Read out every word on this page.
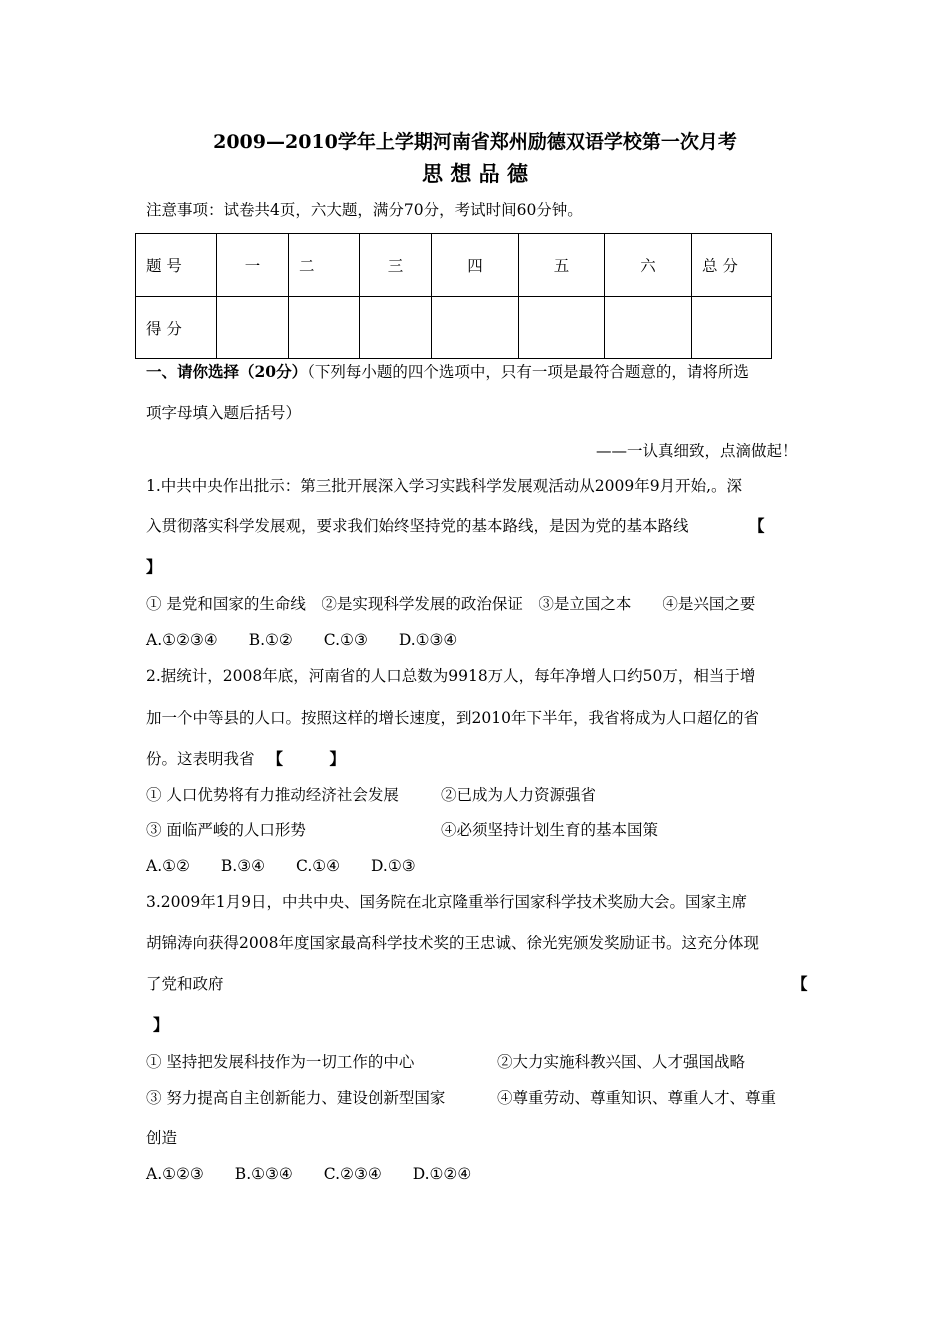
2009—2010学年上学期河南省郑州励德双语学校第一次月考
思 想 品 德
注意事项：试卷共4页，六大题，满分70分，考试时间60分钟。
题 号	一	二	三	四	五	六	总 分
得 分							
一、请你选择（20分）（下列每小题的四个选项中，只有一项是最符合题意的，请将所选
项字母填入题后括号）
——一认真细致，点滴做起！
1.中共中央作出批示：第三批开展深入学习实践科学发展观活动从2009年9月开始,。深
入贯彻落实科学发展观，要求我们始终坚持党的基本路线，是因为党的基本路线	【
】
① 是党和国家的生命线　②是实现科学发展的政治保证　③是立国之本　　④是兴国之要
A.①②③④　　B.①②　　C.①③　　D.①③④
2.据统计，2008年底，河南省的人口总数为9918万人，每年净增人口约50万，相当于增
加一个中等县的人口。按照这样的增长速度，到2010年下半年，我省将成为人口超亿的省
份。这表明我省 【　　　】
① 人口优势将有力推动经济社会发展	②已成为人力资源强省
③ 面临严峻的人口形势	④必须坚持计划生育的基本国策
A.①②　　B.③④　　C.①④　　D.①③
3.2009年1月9日，中共中央、国务院在北京隆重举行国家科学技术奖励大会。国家主席
胡锦涛向获得2008年度国家最高科学技术奖的王忠诚、徐光宪颁发奖励证书。这充分体现
了党和政府	【
】
① 坚持把发展科技作为一切工作的中心	②大力实施科教兴国、人才强国战略
③ 努力提高自主创新能力、建设创新型国家	④尊重劳动、尊重知识、尊重人才、尊重
创造
A.①②③　　B.①③④　　C.②③④　　D.①②④
